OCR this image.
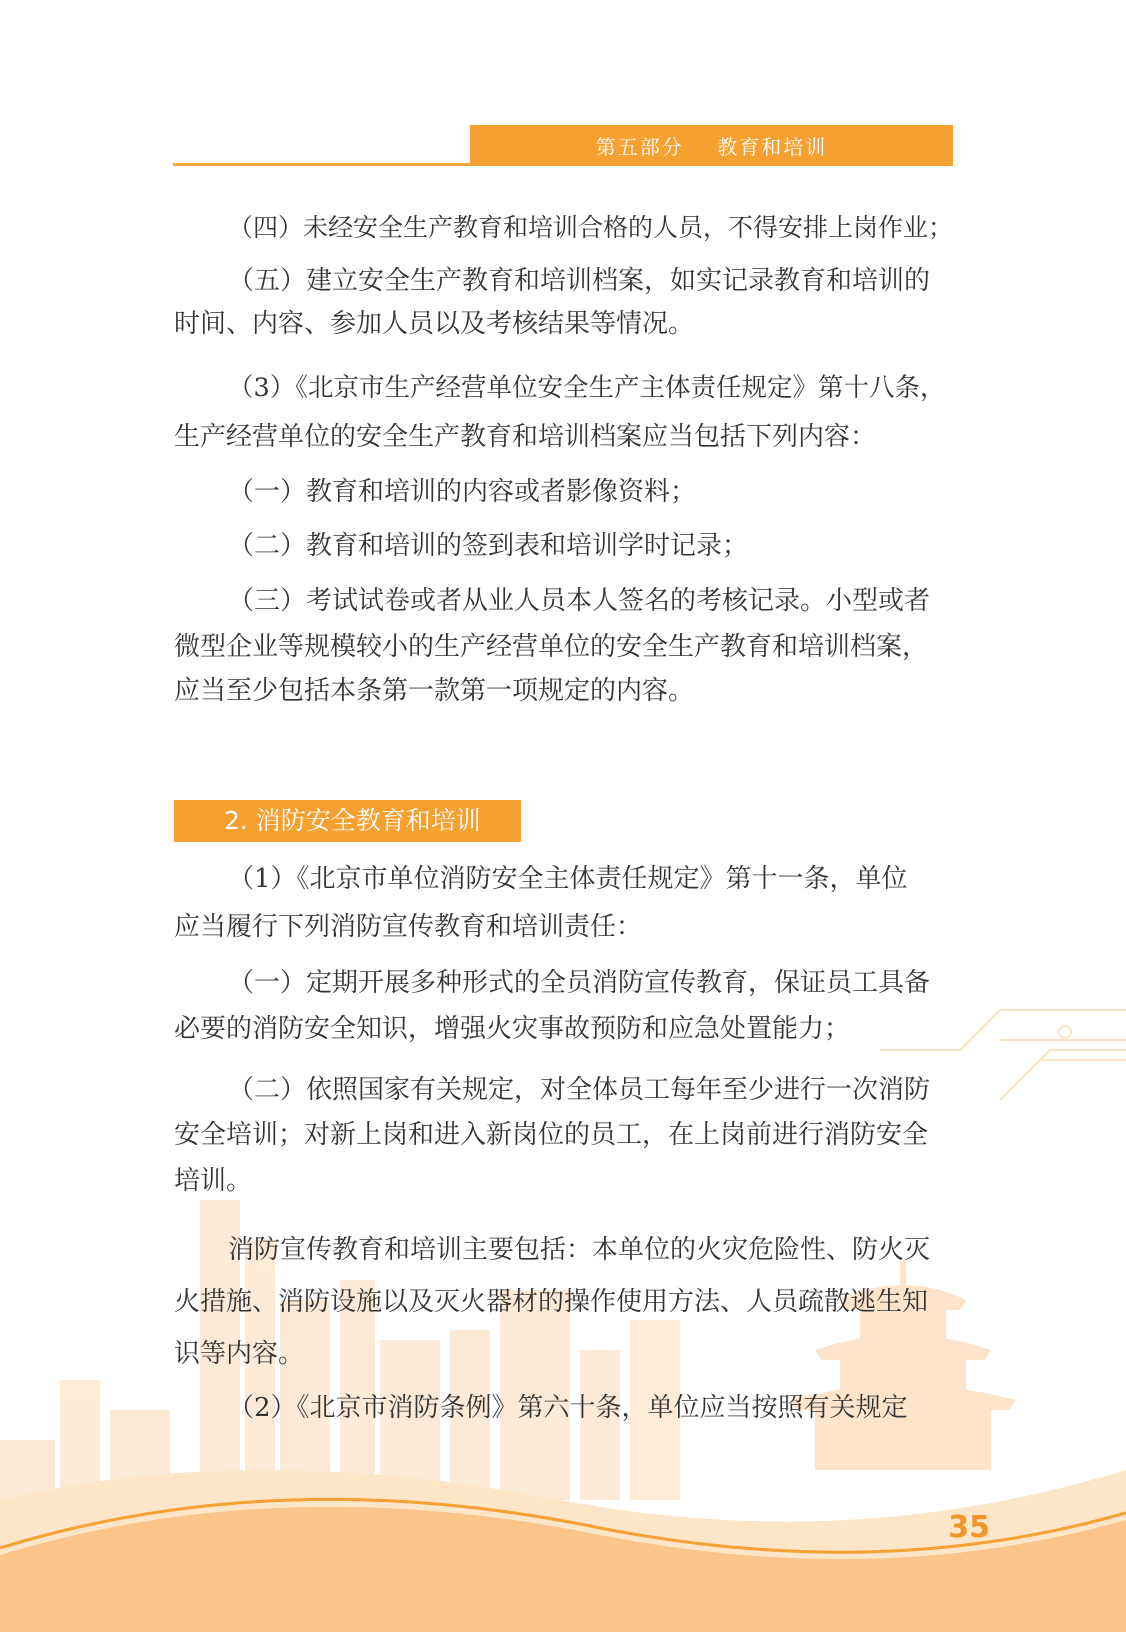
第五部分
教育和培训
（四）未经安全生产教育和培训合格的人员，不得安排上岗作业；
（五）建立安全生产教育和培训档案，如实记录教育和培训的
时间、内容、参加人员以及考核结果等情况。
（3）《北京市生产经营单位安全生产主体责任规定》第十八条，
生产经营单位的安全生产教育和培训档案应当包括下列内容：
（一）教育和培训的内容或者影像资料；
（二）教育和培训的签到表和培训学时记录；
（三）考试试卷或者从业人员本人签名的考核记录。小型或者
微型企业等规模较小的生产经营单位的安全生产教育和培训档案，
应当至少包括本条第一款第一项规定的内容。
2. 消防安全教育和培训
（1）《北京市单位消防安全主体责任规定》第十一条，单位
应当履行下列消防宣传教育和培训责任：
（一）定期开展多种形式的全员消防宣传教育，保证员工具备
必要的消防安全知识，增强火灾事故预防和应急处置能力；
（二）依照国家有关规定，对全体员工每年至少进行一次消防
安全培训；对新上岗和进入新岗位的员工，在上岗前进行消防安全
培训。
消防宣传教育和培训主要包括：本单位的火灾危险性、防火灭
火措施、消防设施以及灭火器材的操作使用方法、人员疏散逃生知
识等内容。
（2）《北京市消防条例》第六十条，单位应当按照有关规定
35
